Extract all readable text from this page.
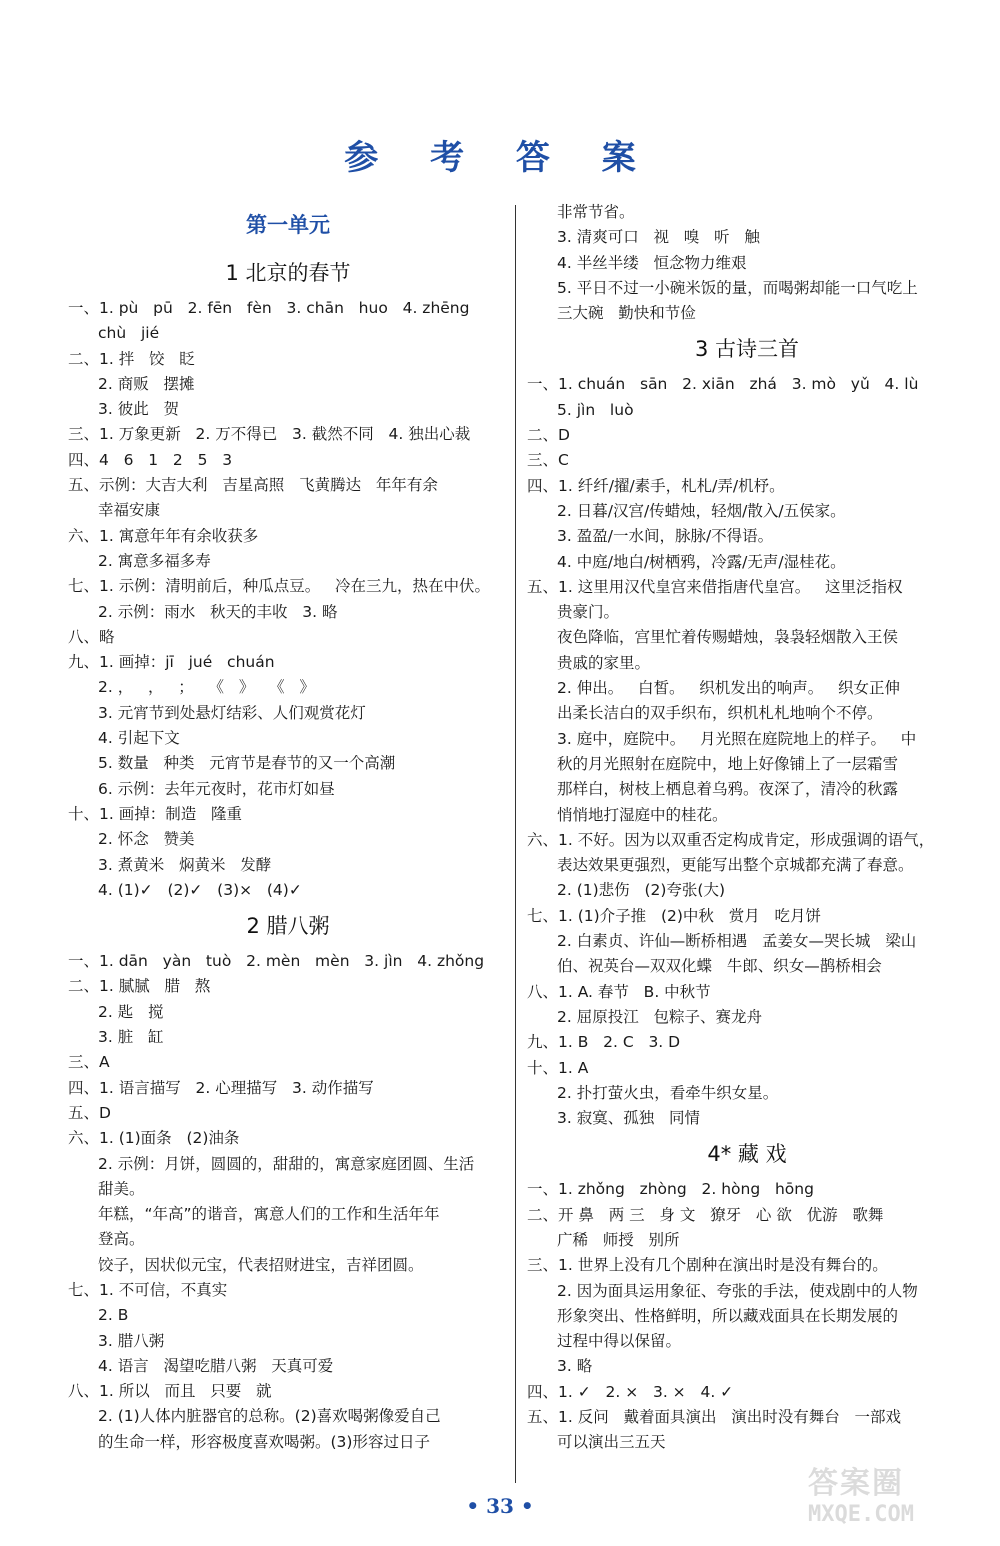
参 考 答 案
第一单元
1 北京的春节
一、1. pù   pū   2. fēn   fèn   3. chān   huo   4. zhēng
chù   jié
二、1. 拌   饺   眨
2. 商贩   摆摊
3. 彼此   贺
三、1. 万象更新   2. 万不得已   3. 截然不同   4. 独出心裁
四、4   6   1   2   5   3
五、示例：大吉大利   吉星高照   飞黄腾达   年年有余
幸福安康
六、1. 寓意年年有余收获多
2. 寓意多福多寿
七、1. 示例：清明前后，种瓜点豆。   冷在三九，热在中伏。
2. 示例：雨水   秋天的丰收   3. 略
八、略
九、1. 画掉：jī   jué   chuán
2. ，   ，   ；   《   》   《   》
3. 元宵节到处悬灯结彩、人们观赏花灯
4. 引起下文
5. 数量   种类   元宵节是春节的又一个高潮
6. 示例：去年元夜时，花市灯如昼
十、1. 画掉：制造   隆重
2. 怀念   赞美
3. 煮黄米   焖黄米   发酵
4. (1)✓   (2)✓   (3)×   (4)✓
2 腊八粥
一、1. dān   yàn   tuò   2. mèn   mèn   3. jìn   4. zhǒng
二、1. 腻腻   腊   熬
2. 匙   搅
3. 脏   缸
三、A
四、1. 语言描写   2. 心理描写   3. 动作描写
五、D
六、1. (1)面条   (2)油条
2. 示例：月饼，圆圆的，甜甜的，寓意家庭团圆、生活
甜美。
年糕，“年高”的谐音，寓意人们的工作和生活年年
登高。
饺子，因状似元宝，代表招财进宝，吉祥团圆。
七、1. 不可信，不真实
2. B
3. 腊八粥
4. 语言   渴望吃腊八粥   天真可爱
八、1. 所以   而且   只要   就
2. (1)人体内脏器官的总称。(2)喜欢喝粥像爱自己
的生命一样，形容极度喜欢喝粥。(3)形容过日子
非常节省。
3. 清爽可口   视   嗅   听   触
4. 半丝半缕   恒念物力维艰
5. 平日不过一小碗米饭的量，而喝粥却能一口气吃上
三大碗   勤快和节俭
3 古诗三首
一、1. chuán   sān   2. xiān   zhá   3. mò   yǔ   4. lù
5. jìn   luò
二、D
三、C
四、1. 纤纤/擢/素手，札札/弄/机杼。
2. 日暮/汉宫/传蜡烛，轻烟/散入/五侯家。
3. 盈盈/一水间，脉脉/不得语。
4. 中庭/地白/树栖鸦，冷露/无声/湿桂花。
五、1. 这里用汉代皇宫来借指唐代皇宫。   这里泛指权
贵豪门。
夜色降临，宫里忙着传赐蜡烛，袅袅轻烟散入王侯
贵戚的家里。
2. 伸出。   白皙。   织机发出的响声。   织女正伸
出柔长洁白的双手织布，织机札札地响个不停。
3. 庭中，庭院中。   月光照在庭院地上的样子。   中
秋的月光照射在庭院中，地上好像铺上了一层霜雪
那样白，树枝上栖息着乌鸦。夜深了，清冷的秋露
悄悄地打湿庭中的桂花。
六、1. 不好。因为以双重否定构成肯定，形成强调的语气，
表达效果更强烈，更能写出整个京城都充满了春意。
2. (1)悲伤   (2)夸张(大)
七、1. (1)介子推   (2)中秋   赏月   吃月饼
2. 白素贞、许仙—断桥相遇   孟姜女—哭长城   梁山
伯、祝英台—双双化蝶   牛郎、织女—鹊桥相会
八、1. A. 春节   B. 中秋节
2. 屈原投江   包粽子、赛龙舟
九、1. B   2. C   3. D
十、1. A
2. 扑打萤火虫，看牵牛织女星。
3. 寂寞、孤独   同情
4* 藏 戏
一、1. zhǒng   zhòng   2. hòng   hōng
二、开 鼻   两 三   身 文   獠牙   心 欲   优游   歌舞
广稀   师授   别所
三、1. 世界上没有几个剧种在演出时是没有舞台的。
2. 因为面具运用象征、夸张的手法，使戏剧中的人物
形象突出、性格鲜明，所以藏戏面具在长期发展的
过程中得以保留。
3. 略
四、1. ✓   2. ×   3. ×   4. ✓
五、1. 反问   戴着面具演出   演出时没有舞台   一部戏
可以演出三五天
• 33 •
答案圈
MXQE.COM
